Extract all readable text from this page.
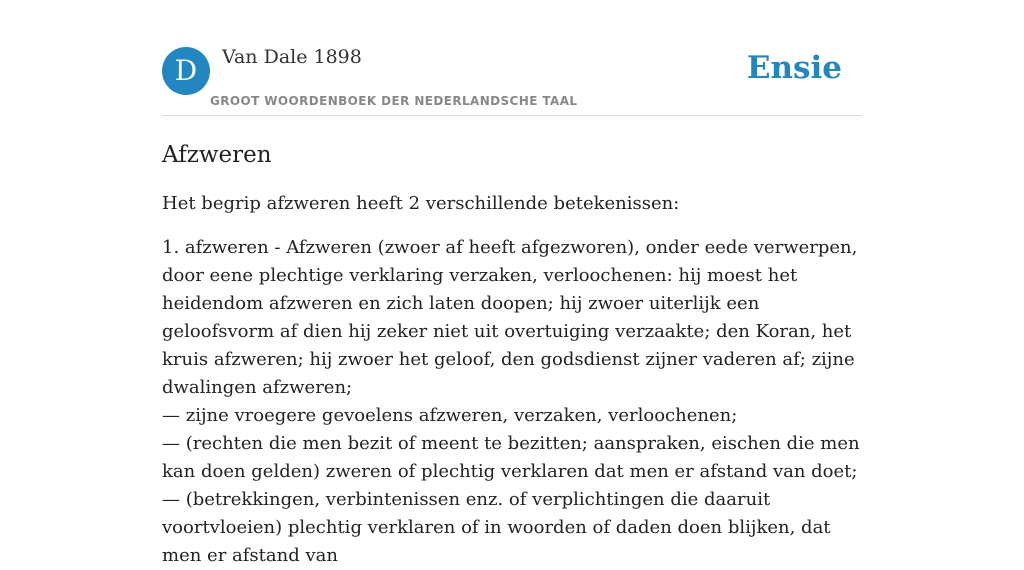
D	Van Dale 1898
GROOT WOORDENBOEK DER NEDERLANDSCHE TAAL
Ensie
Afzweren

Het begrip afzweren heeft 2 verschillende betekenissen:

1. afzweren - Afzweren (zwoer af heeft afgezworen), onder eede verwerpen, door eene plechtige verklaring verzaken, verloochenen: hij moest het heidendom afzweren en zich laten doopen; hij zwoer uiterlijk een geloofsvorm af dien hij zeker niet uit overtuiging verzaakte; den Koran, het kruis afzweren; hij zwoer het geloof, den godsdienst zijner vaderen af; zijne dwalingen afzweren;
— zijne vroegere gevoelens afzweren, verzaken, verloochenen;
— (rechten die men bezit of meent te bezitten; aanspraken, eischen die men kan doen gelden) zweren of plechtig verklaren dat men er afstand van doet;
— (betrekkingen, verbintenissen enz. of verplichtingen die daaruit voortvloeien) plechtig verklaren of in woorden of daden doen blijken, dat men er afstand van
